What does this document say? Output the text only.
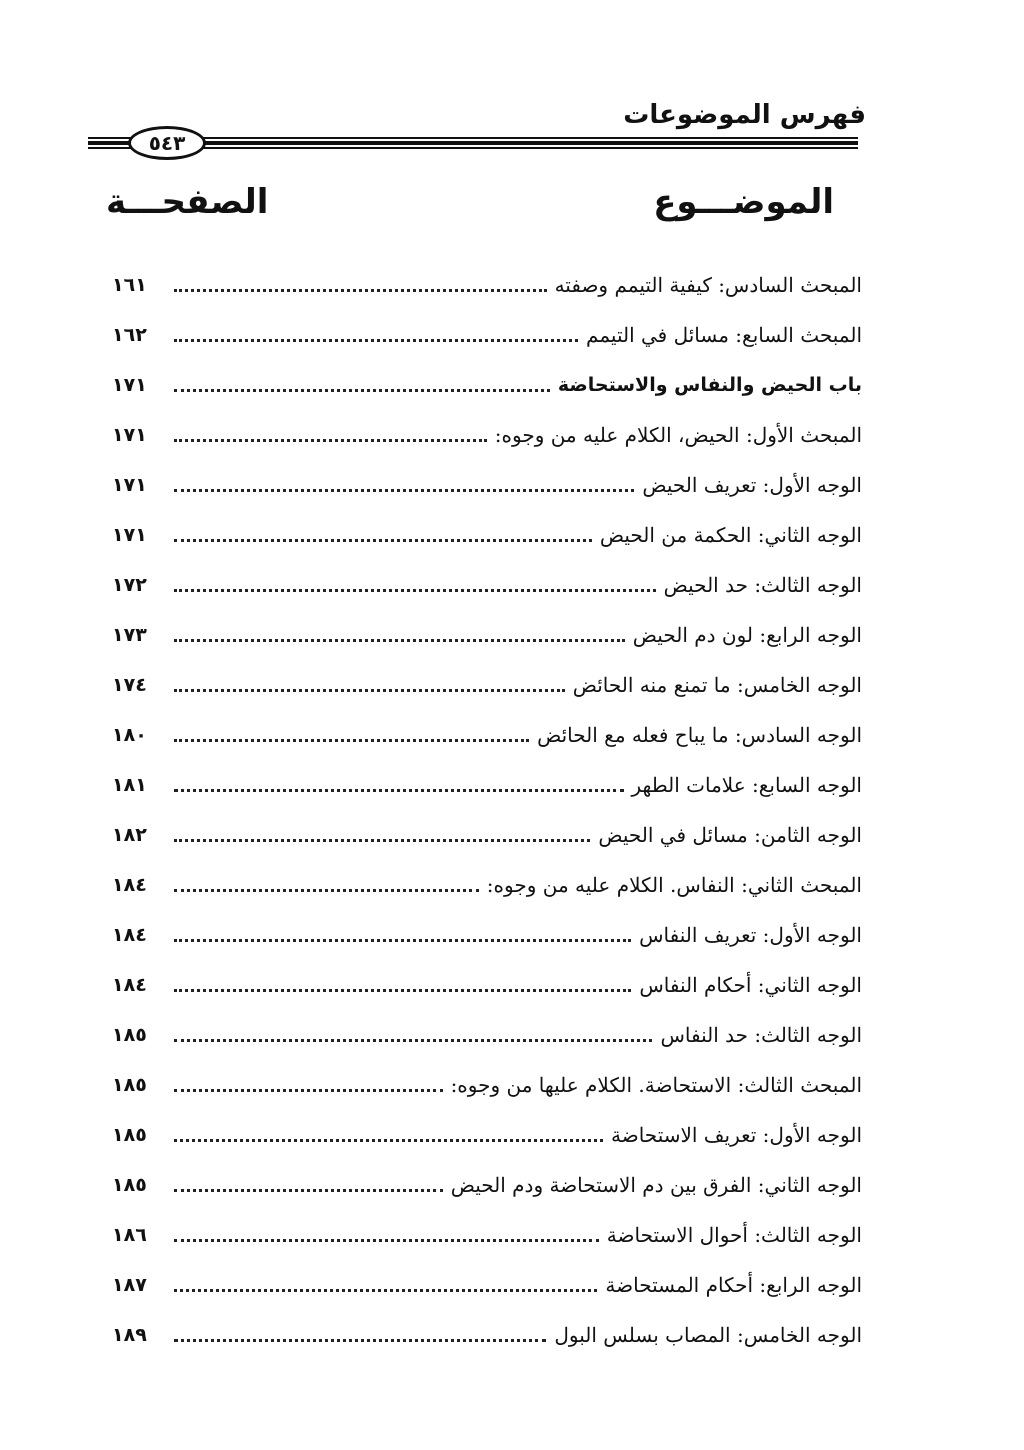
فهرس الموضوعات
٥٤٣
الموضـــوع
الصفحـــة
المبحث السادس: كيفية التيمم وصفته
١٦١
المبحث السابع: مسائل في التيمم
١٦٢
باب الحيض والنفاس والاستحاضة
١٧١
المبحث الأول: الحيض، الكلام عليه من وجوه:
١٧١
الوجه الأول: تعريف الحيض
١٧١
الوجه الثاني: الحكمة من الحيض
١٧١
الوجه الثالث: حد الحيض
١٧٢
الوجه الرابع: لون دم الحيض
١٧٣
الوجه الخامس: ما تمنع منه الحائض
١٧٤
الوجه السادس: ما يباح فعله مع الحائض
١٨٠
الوجه السابع: علامات الطهر
١٨١
الوجه الثامن: مسائل في الحيض
١٨٢
المبحث الثاني: النفاس. الكلام عليه من وجوه:
١٨٤
الوجه الأول: تعريف النفاس
١٨٤
الوجه الثاني: أحكام النفاس
١٨٤
الوجه الثالث: حد النفاس
١٨٥
المبحث الثالث: الاستحاضة. الكلام عليها من وجوه:
١٨٥
الوجه الأول: تعريف الاستحاضة
١٨٥
الوجه الثاني: الفرق بين دم الاستحاضة ودم الحيض
١٨٥
الوجه الثالث: أحوال الاستحاضة
١٨٦
الوجه الرابع: أحكام المستحاضة
١٨٧
الوجه الخامس: المصاب بسلس البول
١٨٩
